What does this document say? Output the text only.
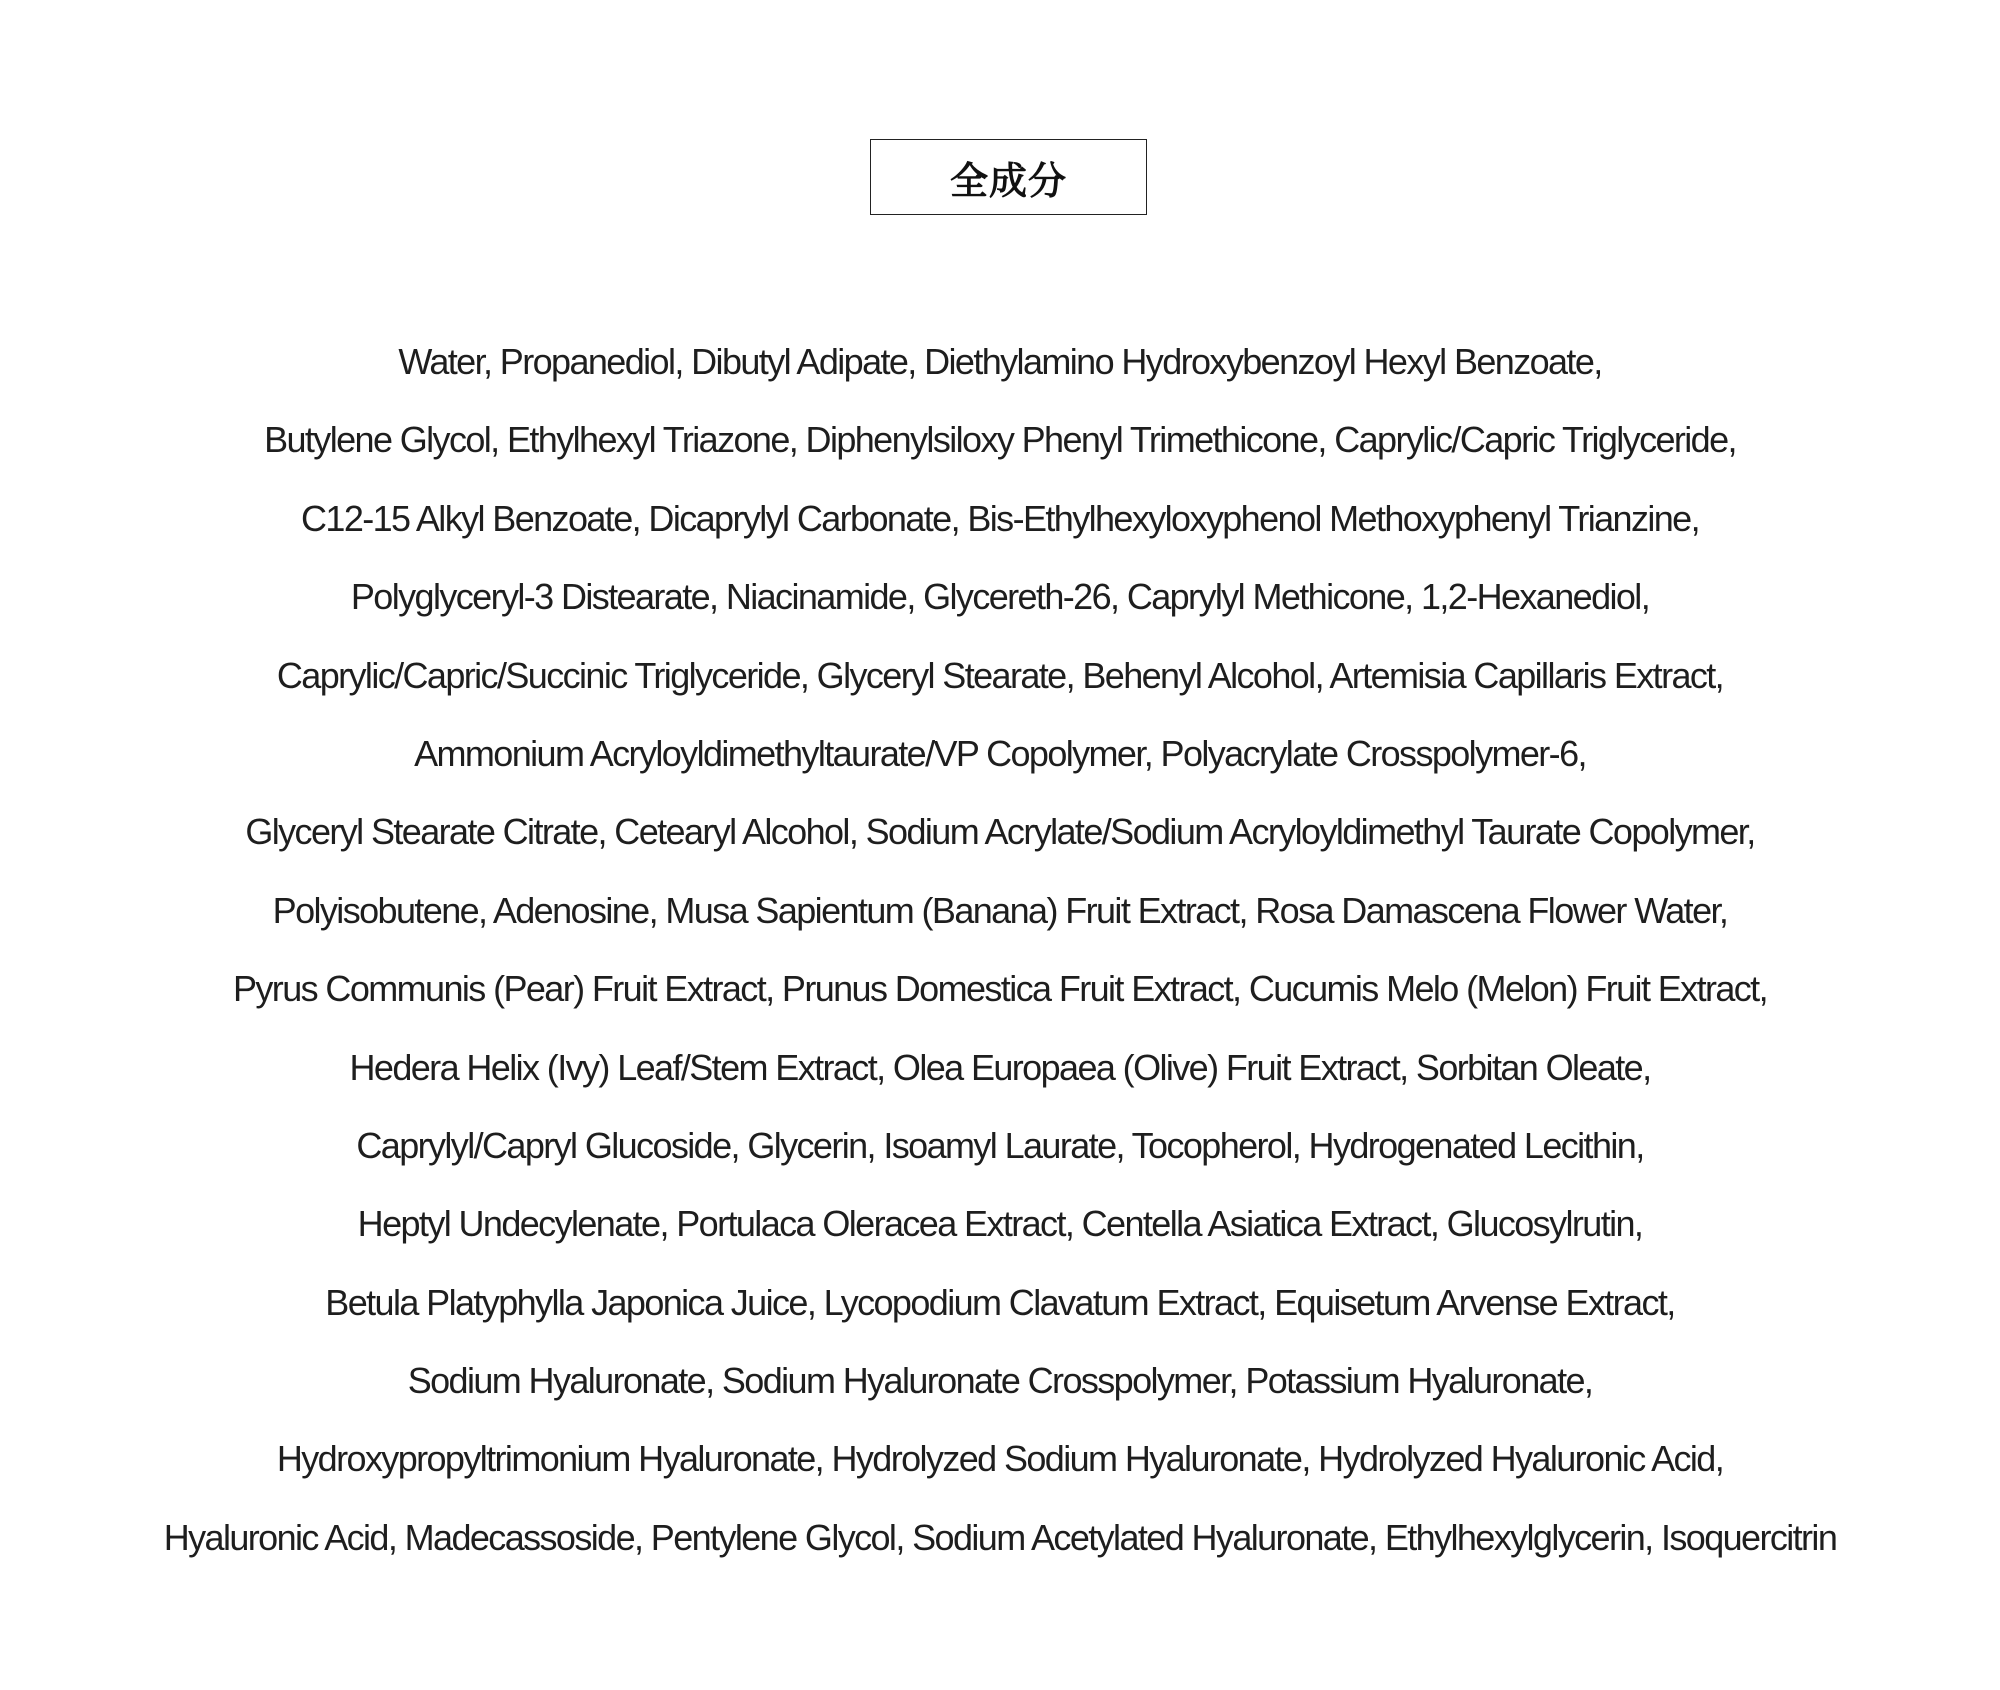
全成分
Water, Propanediol, Dibutyl Adipate, Diethylamino Hydroxybenzoyl Hexyl Benzoate,
Butylene Glycol, Ethylhexyl Triazone, Diphenylsiloxy Phenyl Trimethicone, Caprylic/Capric Triglyceride,
C12-15 Alkyl Benzoate, Dicaprylyl Carbonate, Bis-Ethylhexyloxyphenol Methoxyphenyl Trianzine,
Polyglyceryl-3 Distearate, Niacinamide, Glycereth-26, Caprylyl Methicone, 1,2-Hexanediol,
Caprylic/Capric/Succinic Triglyceride, Glyceryl Stearate, Behenyl Alcohol, Artemisia Capillaris Extract,
Ammonium Acryloyldimethyltaurate/VP Copolymer, Polyacrylate Crosspolymer-6,
Glyceryl Stearate Citrate, Cetearyl Alcohol, Sodium Acrylate/Sodium Acryloyldimethyl Taurate Copolymer,
Polyisobutene, Adenosine, Musa Sapientum (Banana) Fruit Extract, Rosa Damascena Flower Water,
Pyrus Communis (Pear) Fruit Extract, Prunus Domestica Fruit Extract, Cucumis Melo (Melon) Fruit Extract,
Hedera Helix (Ivy) Leaf/Stem Extract, Olea Europaea (Olive) Fruit Extract, Sorbitan Oleate,
Caprylyl/Capryl Glucoside, Glycerin, Isoamyl Laurate, Tocopherol, Hydrogenated Lecithin,
Heptyl Undecylenate, Portulaca Oleracea Extract, Centella Asiatica Extract, Glucosylrutin,
Betula Platyphylla Japonica Juice, Lycopodium Clavatum Extract, Equisetum Arvense Extract,
Sodium Hyaluronate, Sodium Hyaluronate Crosspolymer, Potassium Hyaluronate,
Hydroxypropyltrimonium Hyaluronate, Hydrolyzed Sodium Hyaluronate, Hydrolyzed Hyaluronic Acid,
Hyaluronic Acid, Madecassoside, Pentylene Glycol, Sodium Acetylated Hyaluronate, Ethylhexylglycerin, Isoquercitrin
